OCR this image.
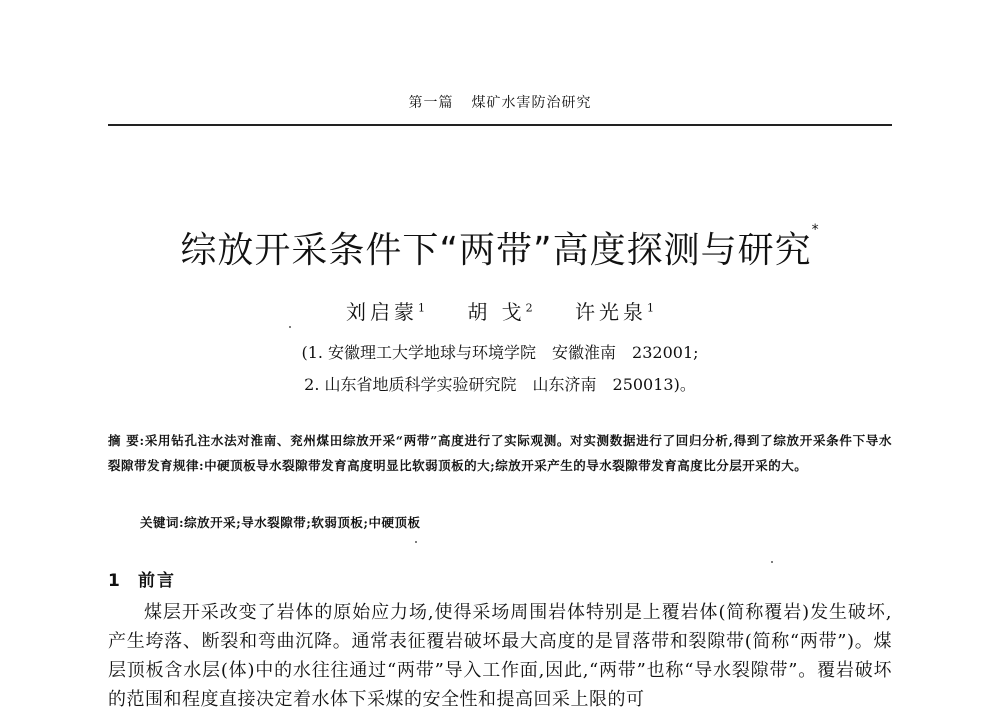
第一篇 煤矿水害防治研究
综放开采条件下“两带”高度探测与研究*
刘启蒙$^1$ 胡 戈$^2$ 许光泉$^1$
(1. 安徽理工大学地球与环境学院　安徽淮南　232001;
2. 山东省地质科学实验研究院　山东济南　250013)。
摘 要:采用钻孔注水法对淮南、兖州煤田综放开采“两带”高度进行了实际观测。对实测数据进行了回归分析,得到了综放开采条件下导水裂隙带发育规律:中硬顶板导水裂隙带发育高度明显比软弱顶板的大;综放开采产生的导水裂隙带发育高度比分层开采的大。
关键词:综放开采;导水裂隙带;软弱顶板;中硬顶板
1 前言

煤层开采改变了岩体的原始应力场,使得采场周围岩体特别是上覆岩体(简称覆岩)发生破坏,产生垮落、断裂和弯曲沉降。通常表征覆岩破坏最大高度的是冒落带和裂隙带(简称“两带”)。煤层顶板含水层(体)中的水往往通过“两带”导入工作面,因此,“两带”也称“导水裂隙带”。覆岩破坏的范围和程度直接决定着水体下采煤的安全性和提高回采上限的可
